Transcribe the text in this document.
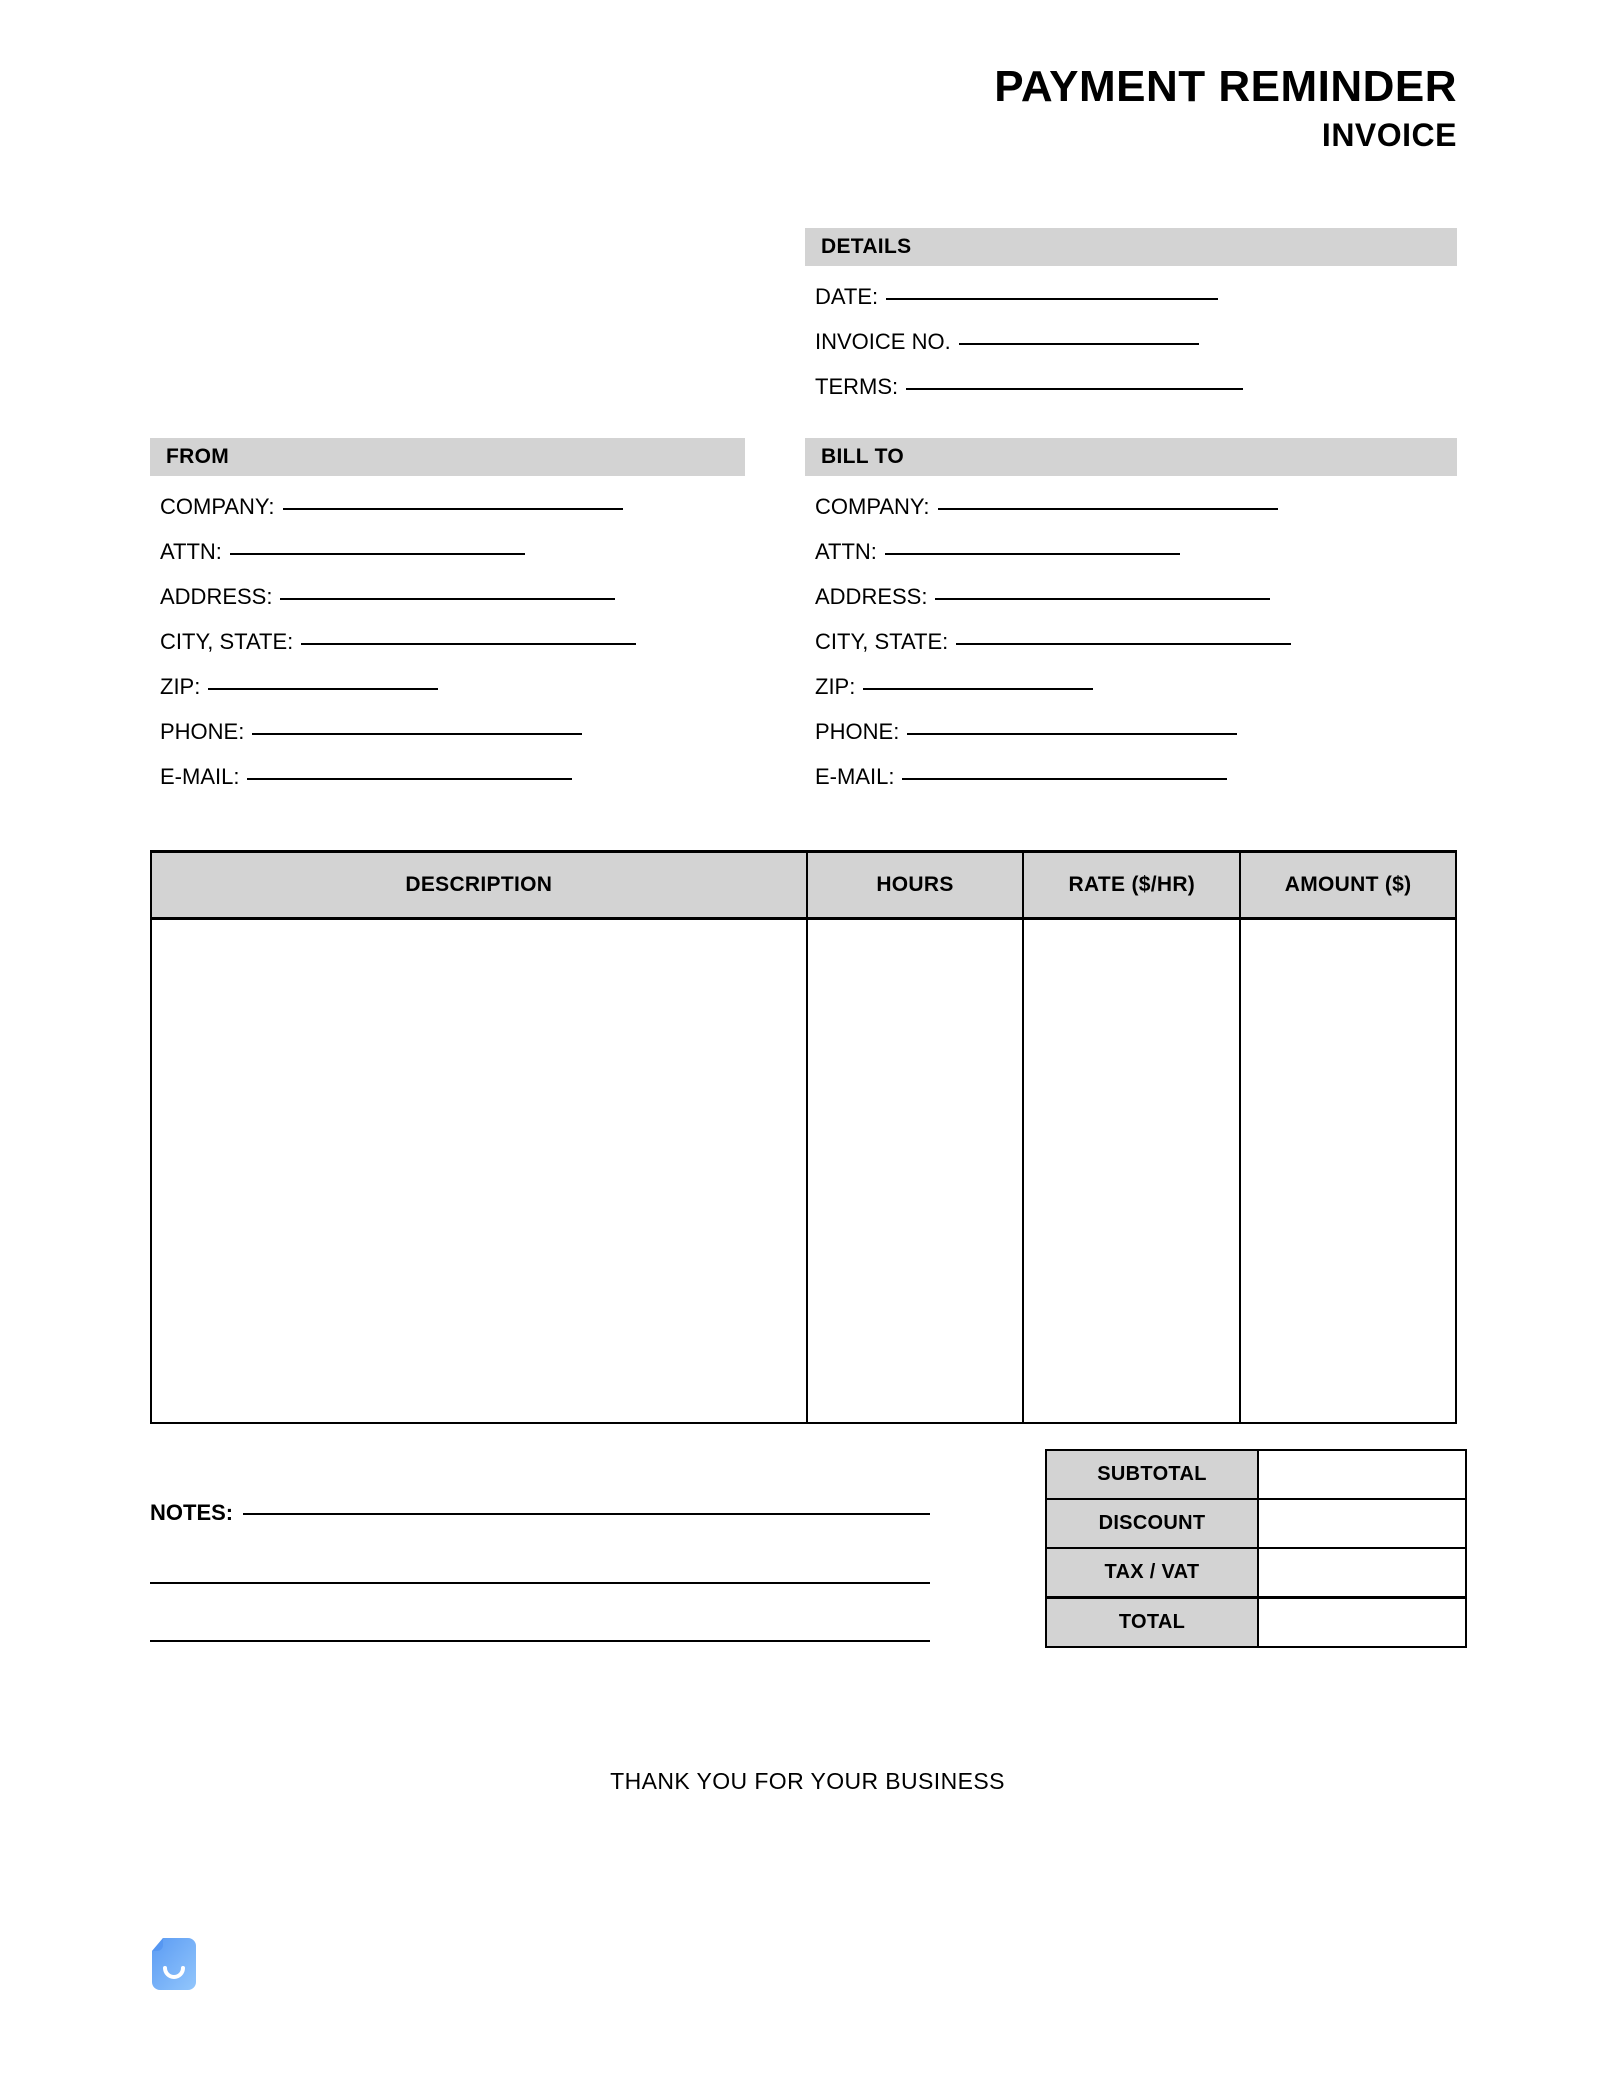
PAYMENT REMINDER
INVOICE
DETAILS
DATE:
INVOICE NO.
TERMS:
FROM
COMPANY:
ATTN:
ADDRESS:
CITY, STATE:
ZIP:
PHONE:
E-MAIL:
BILL TO
COMPANY:
ATTN:
ADDRESS:
CITY, STATE:
ZIP:
PHONE:
E-MAIL:
DESCRIPTION	HOURS	RATE ($/HR)	AMOUNT ($)

SUBTOTAL	
DISCOUNT	
TAX / VAT	
TOTAL	
NOTES:
THANK YOU FOR YOUR BUSINESS
